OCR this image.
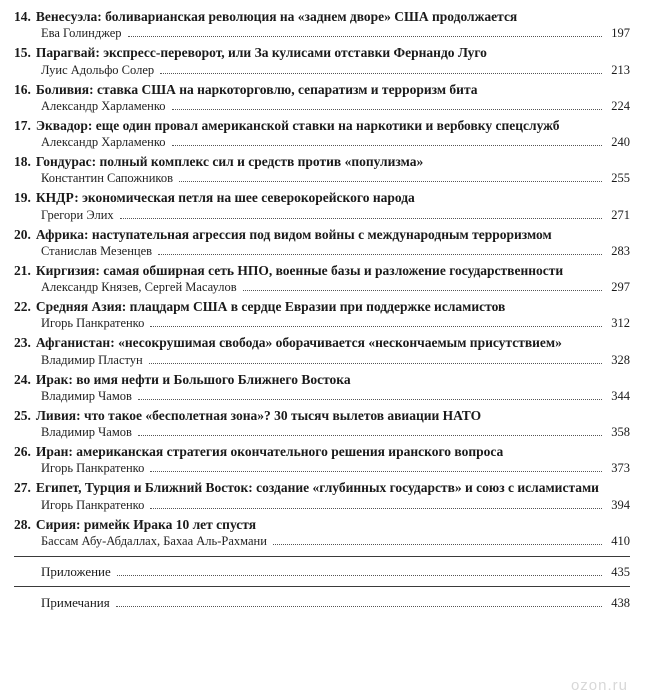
14. Венесуэла: боливарианская революция на «заднем дворе» США продолжается
Ева Голинджер	197
15. Парагвай: экспресс-переворот, или За кулисами отставки Фернандо Луго
Луис Адольфо Солер	213
16. Боливия: ставка США на наркоторговлю, сепаратизм и терроризм бита
Александр Харламенко	224
17. Эквадор: еще один провал американской ставки на наркотики и вербовку спецслужб
Александр Харламенко	240
18. Гондурас: полный комплекс сил и средств против «популизма»
Константин Сапожников	255
19. КНДР: экономическая петля на шее северокорейского народа
Грегори Элих	271
20. Африка: наступательная агрессия под видом войны с международным терроризмом
Станислав Мезенцев	283
21. Киргизия: самая обширная сеть НПО, военные базы и разложение государственности
Александр Князев, Сергей Масаулов	297
22. Средняя Азия: плацдарм США в сердце Евразии при поддержке исламистов
Игорь Панкратенко	312
23. Афганистан: «несокрушимая свобода» оборачивается «нескончаемым присутствием»
Владимир Пластун	328
24. Ирак: во имя нефти и Большого Ближнего Востока
Владимир Чамов	344
25. Ливия: что такое «бесполетная зона»? 30 тысяч вылетов авиации НАТО
Владимир Чамов	358
26. Иран: американская стратегия окончательного решения иранского вопроса
Игорь Панкратенко	373
27. Египет, Турция и Ближний Восток: создание «глубинных государств» и союз с исламистами
Игорь Панкратенко	394
28. Сирия: римейк Ирака 10 лет спустя
Бассам Абу-Абдаллах, Бахаа Аль-Рахмани	410
Приложение	435
Примечания	438
ozon.ru
